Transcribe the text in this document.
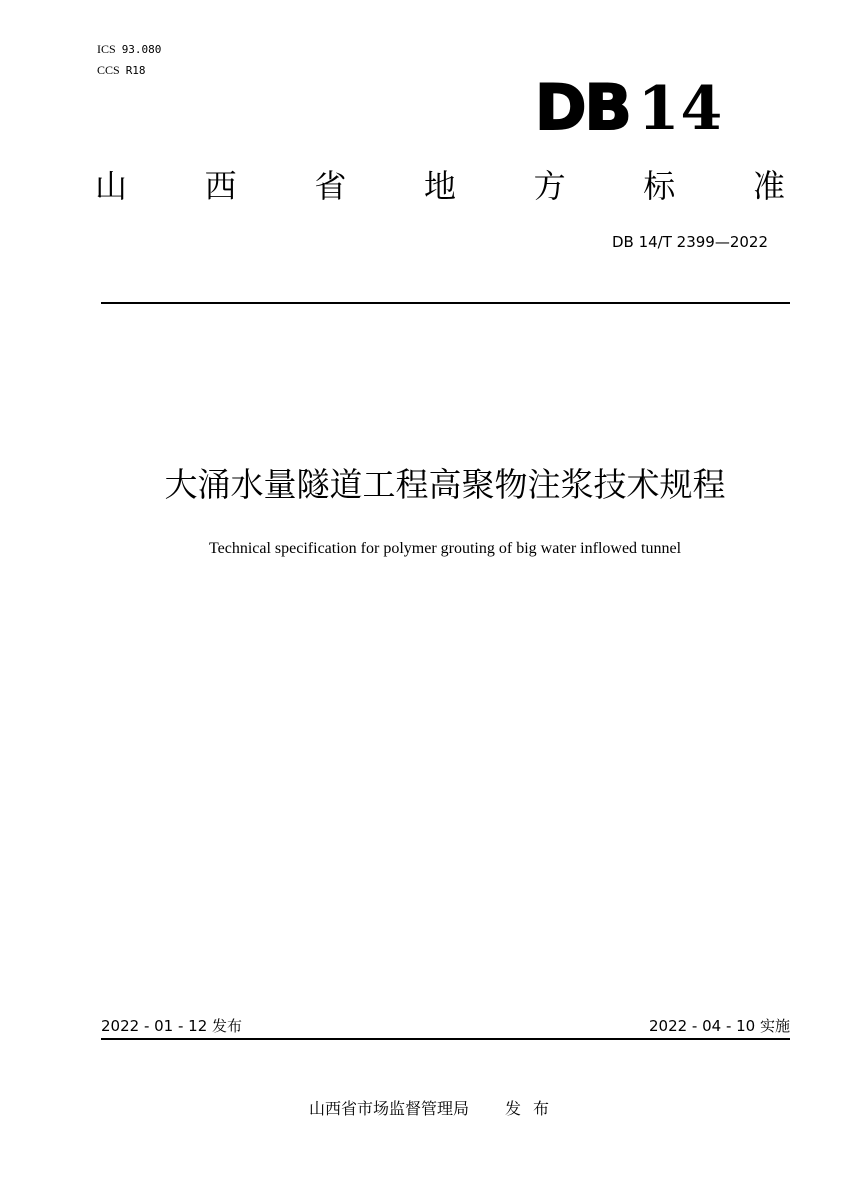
ICS 93.080
CCS R18
DB 14
山 西 省 地 方 标 准
DB 14/T 2399—2022
大涌水量隧道工程高聚物注浆技术规程
Technical specification for polymer grouting of big water inflowed tunnel
2022 - 01 - 12 发布	2022 - 04 - 10 实施
山西省市场监督管理局 发布
